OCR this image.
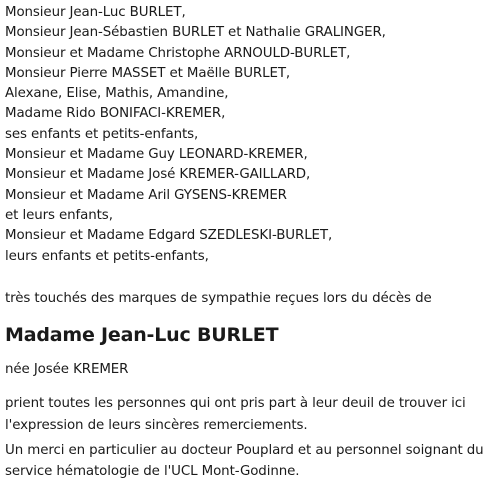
Monsieur Jean-Luc BURLET,
Monsieur Jean-Sébastien BURLET et Nathalie GRALINGER,
Monsieur et Madame Christophe ARNOULD-BURLET,
Monsieur Pierre MASSET et Maëlle BURLET,
Alexane, Elise, Mathis, Amandine,
Madame Rido BONIFACI-KREMER,
ses enfants et petits-enfants,
Monsieur et Madame Guy LEONARD-KREMER,
Monsieur et Madame José KREMER-GAILLARD,
Monsieur et Madame Aril GYSENS-KREMER
et leurs enfants,
Monsieur et Madame Edgard SZEDLESKI-BURLET,
leurs enfants et petits-enfants,
très touchés des marques de sympathie reçues lors du décès de
Madame Jean-Luc BURLET
née Josée KREMER
prient toutes les personnes qui ont pris part à leur deuil de trouver ici
l'expression de leurs sincères remerciements.
Un merci en particulier au docteur Pouplard et au personnel soignant du
service hématologie de l'UCL Mont-Godinne.
